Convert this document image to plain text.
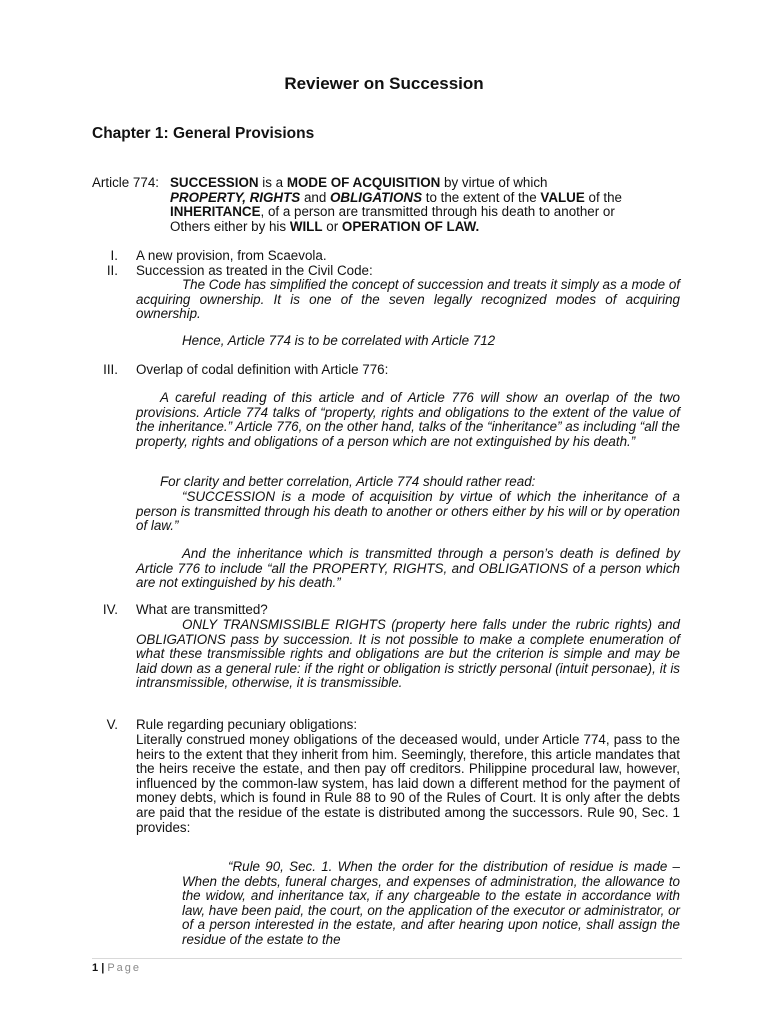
Reviewer on Succession
Chapter 1: General Provisions
Article 774: SUCCESSION is a MODE OF ACQUISITION by virtue of which
PROPERTY, RIGHTS and OBLIGATIONS to the extent of the VALUE of the
INHERITANCE, of a person are transmitted through his death to another or
Others either by his WILL or OPERATION OF LAW.
I. A new provision, from Scaevola.
II. Succession as treated in the Civil Code:
III. Overlap of codal definition with Article 776:
IV. What are transmitted?
V. Rule regarding pecuniary obligations:
The Code has simplified the concept of succession and treats it simply as a mode of acquiring ownership. It is one of the seven legally recognized modes of acquiring ownership.
Hence, Article 774 is to be correlated with Article 712
A careful reading of this article and of Article 776 will show an overlap of the two provisions. Article 774 talks of “property, rights and obligations to the extent of the value of the inheritance.” Article 776, on the other hand, talks of the “inheritance” as including “all the property, rights and obligations of a person which are not extinguished by his death.”
For clarity and better correlation, Article 774 should rather read:
“SUCCESSION is a mode of acquisition by virtue of which the inheritance of a person is transmitted through his death to another or others either by his will or by operation of law.”
And the inheritance which is transmitted through a person’s death is defined by Article 776 to include “all the PROPERTY, RIGHTS, and OBLIGATIONS of a person which are not extinguished by his death.”
ONLY TRANSMISSIBLE RIGHTS (property here falls under the rubric rights) and OBLIGATIONS pass by succession. It is not possible to make a complete enumeration of what these transmissible rights and obligations are but the criterion is simple and may be laid down as a general rule: if the right or obligation is strictly personal (intuit personae), it is intransmissible, otherwise, it is transmissible.
Literally construed money obligations of the deceased would, under Article 774, pass to the heirs to the extent that they inherit from him. Seemingly, therefore, this article mandates that the heirs receive the estate, and then pay off creditors. Philippine procedural law, however, influenced by the common-law system, has laid down a different method for the payment of money debts, which is found in Rule 88 to 90 of the Rules of Court. It is only after the debts are paid that the residue of the estate is distributed among the successors. Rule 90, Sec. 1 provides:
“Rule 90, Sec. 1. When the order for the distribution of residue is made – When the debts, funeral charges, and expenses of administration, the allowance to the widow, and inheritance tax, if any chargeable to the estate in accordance with law, have been paid, the court, on the application of the executor or administrator, or of a person interested in the estate, and after hearing upon notice, shall assign the residue of the estate to the
1 | Page
